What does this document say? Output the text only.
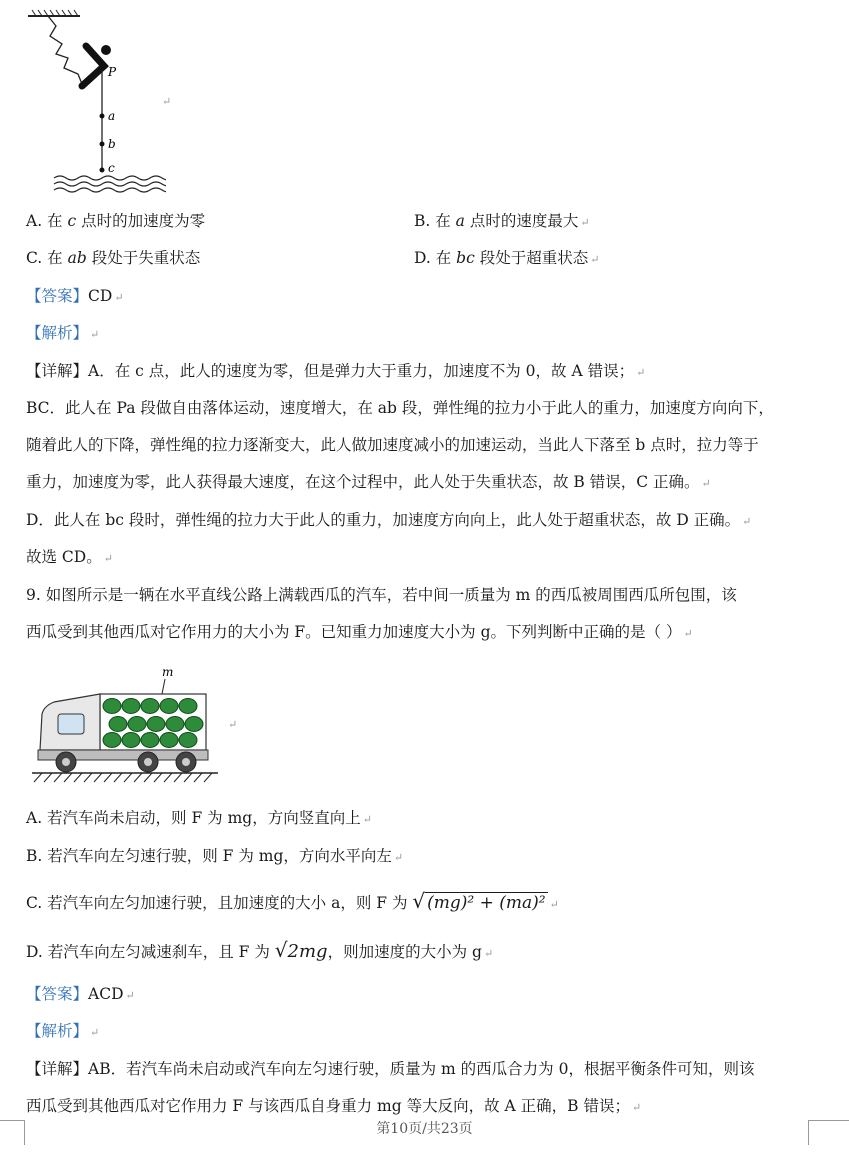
P
a
b
c
↵
A. 在 c 点时的加速度为零	B. 在 a 点时的速度最大 ↵
C. 在 ab 段处于失重状态	D. 在 bc 段处于超重状态 ↵
【答案】CD ↵
【解析】 ↵
【详解】A．在 c 点，此人的速度为零，但是弹力大于重力，加速度不为 0，故 A 错误； ↵
BC．此人在 Pa 段做自由落体运动，速度增大，在 ab 段，弹性绳的拉力小于此人的重力，加速度方向向下，
随着此人的下降，弹性绳的拉力逐渐变大，此人做加速度减小的加速运动，当此人下落至 b 点时，拉力等于
重力，加速度为零，此人获得最大速度，在这个过程中，此人处于失重状态，故 B 错误，C 正确。 ↵
D．此人在 bc 段时，弹性绳的拉力大于此人的重力，加速度方向向上，此人处于超重状态，故 D 正确。 ↵
故选 CD。 ↵
9. 如图所示是一辆在水平直线公路上满载西瓜的汽车，若中间一质量为 m 的西瓜被周围西瓜所包围，该
西瓜受到其他西瓜对它作用力的大小为 F。已知重力加速度大小为 g。下列判断中正确的是（ ） ↵
m
↵
A. 若汽车尚未启动，则 F 为 mg，方向竖直向上 ↵
B. 若汽车向左匀速行驶，则 F 为 mg，方向水平向左 ↵
C. 若汽车向左匀加速行驶，且加速度的大小 a，则 F 为 √ (mg)² + (ma)² ↵
D. 若汽车向左匀减速刹车，且 F 为 √2mg，则加速度的大小为 g ↵
【答案】ACD ↵
【解析】 ↵
【详解】AB．若汽车尚未启动或汽车向左匀速行驶，质量为 m 的西瓜合力为 0，根据平衡条件可知，则该
西瓜受到其他西瓜对它作用力 F 与该西瓜自身重力 mg 等大反向，故 A 正确，B 错误； ↵
第10页/共23页
